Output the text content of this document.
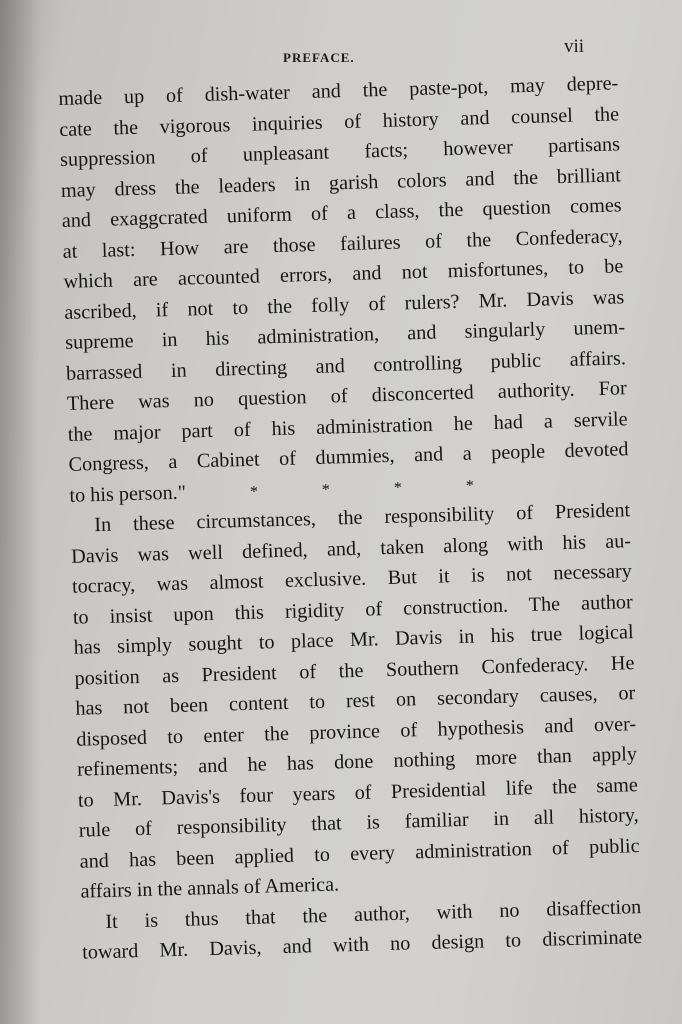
PREFACE.
vii
made up of dish-water and the paste-pot, may depre-
cate the vigorous inquiries of history and counsel the
suppression of unpleasant facts; however partisans
may dress the leaders in garish colors and the brilliant
and exaggcrated uniform of a class, the question comes
at last: How are those failures of the Confederacy,
which are accounted errors, and not misfortunes, to be
ascribed, if not to the folly of rulers? Mr. Davis was
supreme in his administration, and singularly unem-
barrassed in directing and controlling public affairs.
There was no question of disconcerted authority. For
the major part of his administration he had a servile
Congress, a Cabinet of dummies, and a people devoted
to his person."	* * * *
In these circumstances, the responsibility of President
Davis was well defined, and, taken along with his au-
tocracy, was almost exclusive. But it is not necessary
to insist upon this rigidity of construction. The author
has simply sought to place Mr. Davis in his true logical
position as President of the Southern Confederacy. He
has not been content to rest on secondary causes, or
disposed to enter the province of hypothesis and over-
refinements; and he has done nothing more than apply
to Mr. Davis's four years of Presidential life the same
rule of responsibility that is familiar in all history,
and has been applied to every administration of public
affairs in the annals of America.
It is thus that the author, with no disaffection
toward Mr. Davis, and with no design to discriminate
